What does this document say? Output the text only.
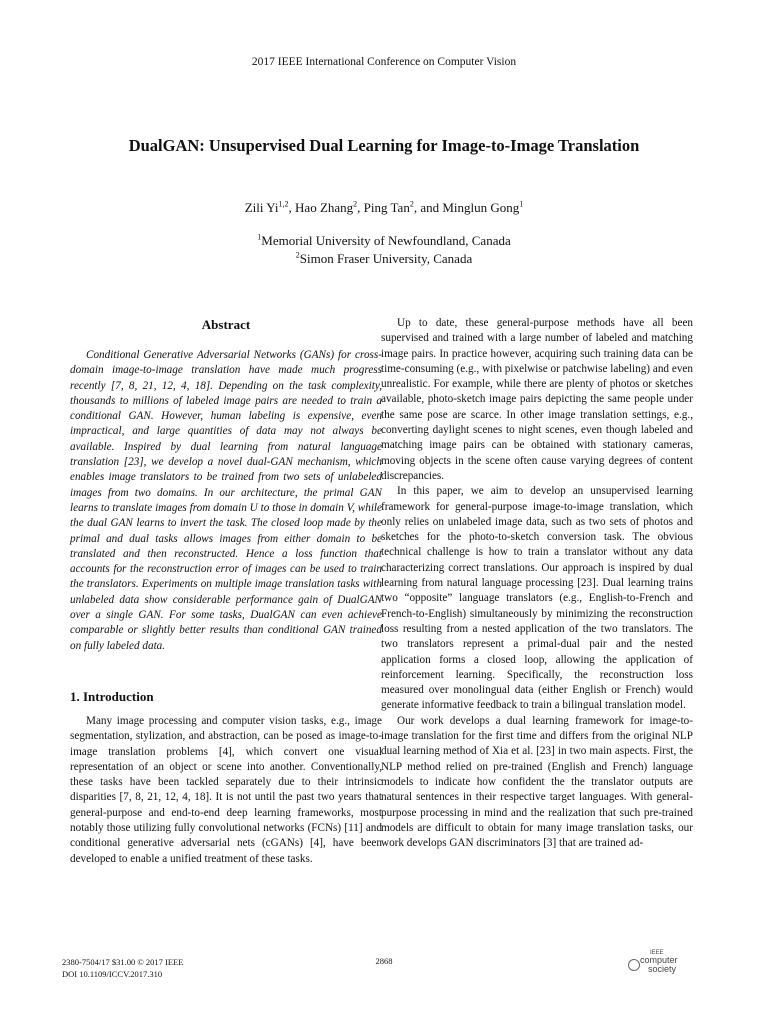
2017 IEEE International Conference on Computer Vision
DualGAN: Unsupervised Dual Learning for Image-to-Image Translation
Zili Yi$^{1,2}$, Hao Zhang$^2$, Ping Tan$^2$, and Minglun Gong$^1$
$^1$Memorial University of Newfoundland, Canada
$^2$Simon Fraser University, Canada
Abstract

Conditional Generative Adversarial Networks (GANs) for cross-domain image-to-image translation have made much progress recently [7, 8, 21, 12, 4, 18]. Depending on the task complexity, thousands to millions of labeled image pairs are needed to train a conditional GAN. However, human labeling is expensive, even impractical, and large quantities of data may not always be available. Inspired by dual learning from natural language translation [23], we develop a novel dual-GAN mechanism, which enables image translators to be trained from two sets of unlabeled images from two domains. In our architecture, the primal GAN learns to translate images from domain U to those in domain V, while the dual GAN learns to invert the task. The closed loop made by the primal and dual tasks allows images from either domain to be translated and then reconstructed. Hence a loss function that accounts for the reconstruction error of images can be used to train the translators. Experiments on multiple image translation tasks with unlabeled data show considerable performance gain of DualGAN over a single GAN. For some tasks, DualGAN can even achieve comparable or slightly better results than conditional GAN trained on fully labeled data.

1. Introduction

Many image processing and computer vision tasks, e.g., image segmentation, stylization, and abstraction, can be posed as image-to-image translation problems [4], which convert one visual representation of an object or scene into another. Conventionally, these tasks have been tackled separately due to their intrinsic disparities [7, 8, 21, 12, 4, 18]. It is not until the past two years that general-purpose and end-to-end deep learning frameworks, most notably those utilizing fully convolutional networks (FCNs) [11] and conditional generative adversarial nets (cGANs) [4], have been developed to enable a unified treatment of these tasks.

Up to date, these general-purpose methods have all been supervised and trained with a large number of labeled and matching image pairs. In practice however, acquiring such training data can be time-consuming (e.g., with pixelwise or patchwise labeling) and even unrealistic. For example, while there are plenty of photos or sketches available, photo-sketch image pairs depicting the same people under the same pose are scarce. In other image translation settings, e.g., converting daylight scenes to night scenes, even though labeled and matching image pairs can be obtained with stationary cameras, moving objects in the scene often cause varying degrees of content discrepancies.

In this paper, we aim to develop an unsupervised learning framework for general-purpose image-to-image translation, which only relies on unlabeled image data, such as two sets of photos and sketches for the photo-to-sketch conversion task. The obvious technical challenge is how to train a translator without any data characterizing correct translations. Our approach is inspired by dual learning from natural language processing [23]. Dual learning trains two “opposite” language translators (e.g., English-to-French and French-to-English) simultaneously by minimizing the reconstruction loss resulting from a nested application of the two translators. The two translators represent a primal-dual pair and the nested application forms a closed loop, allowing the application of reinforcement learning. Specifically, the reconstruction loss measured over monolingual data (either English or French) would generate informative feedback to train a bilingual translation model.

Our work develops a dual learning framework for image-to-image translation for the first time and differs from the original NLP dual learning method of Xia et al. [23] in two main aspects. First, the NLP method relied on pre-trained (English and French) language models to indicate how confident the the translator outputs are natural sentences in their respective target languages. With general-purpose processing in mind and the realization that such pre-trained models are difficult to obtain for many image translation tasks, our work develops GAN discriminators [3] that are trained ad-

2380-7504/17 $31.00 © 2017 IEEE
DOI 10.1109/ICCV.2017.310
2868
IEEE
computer
society
